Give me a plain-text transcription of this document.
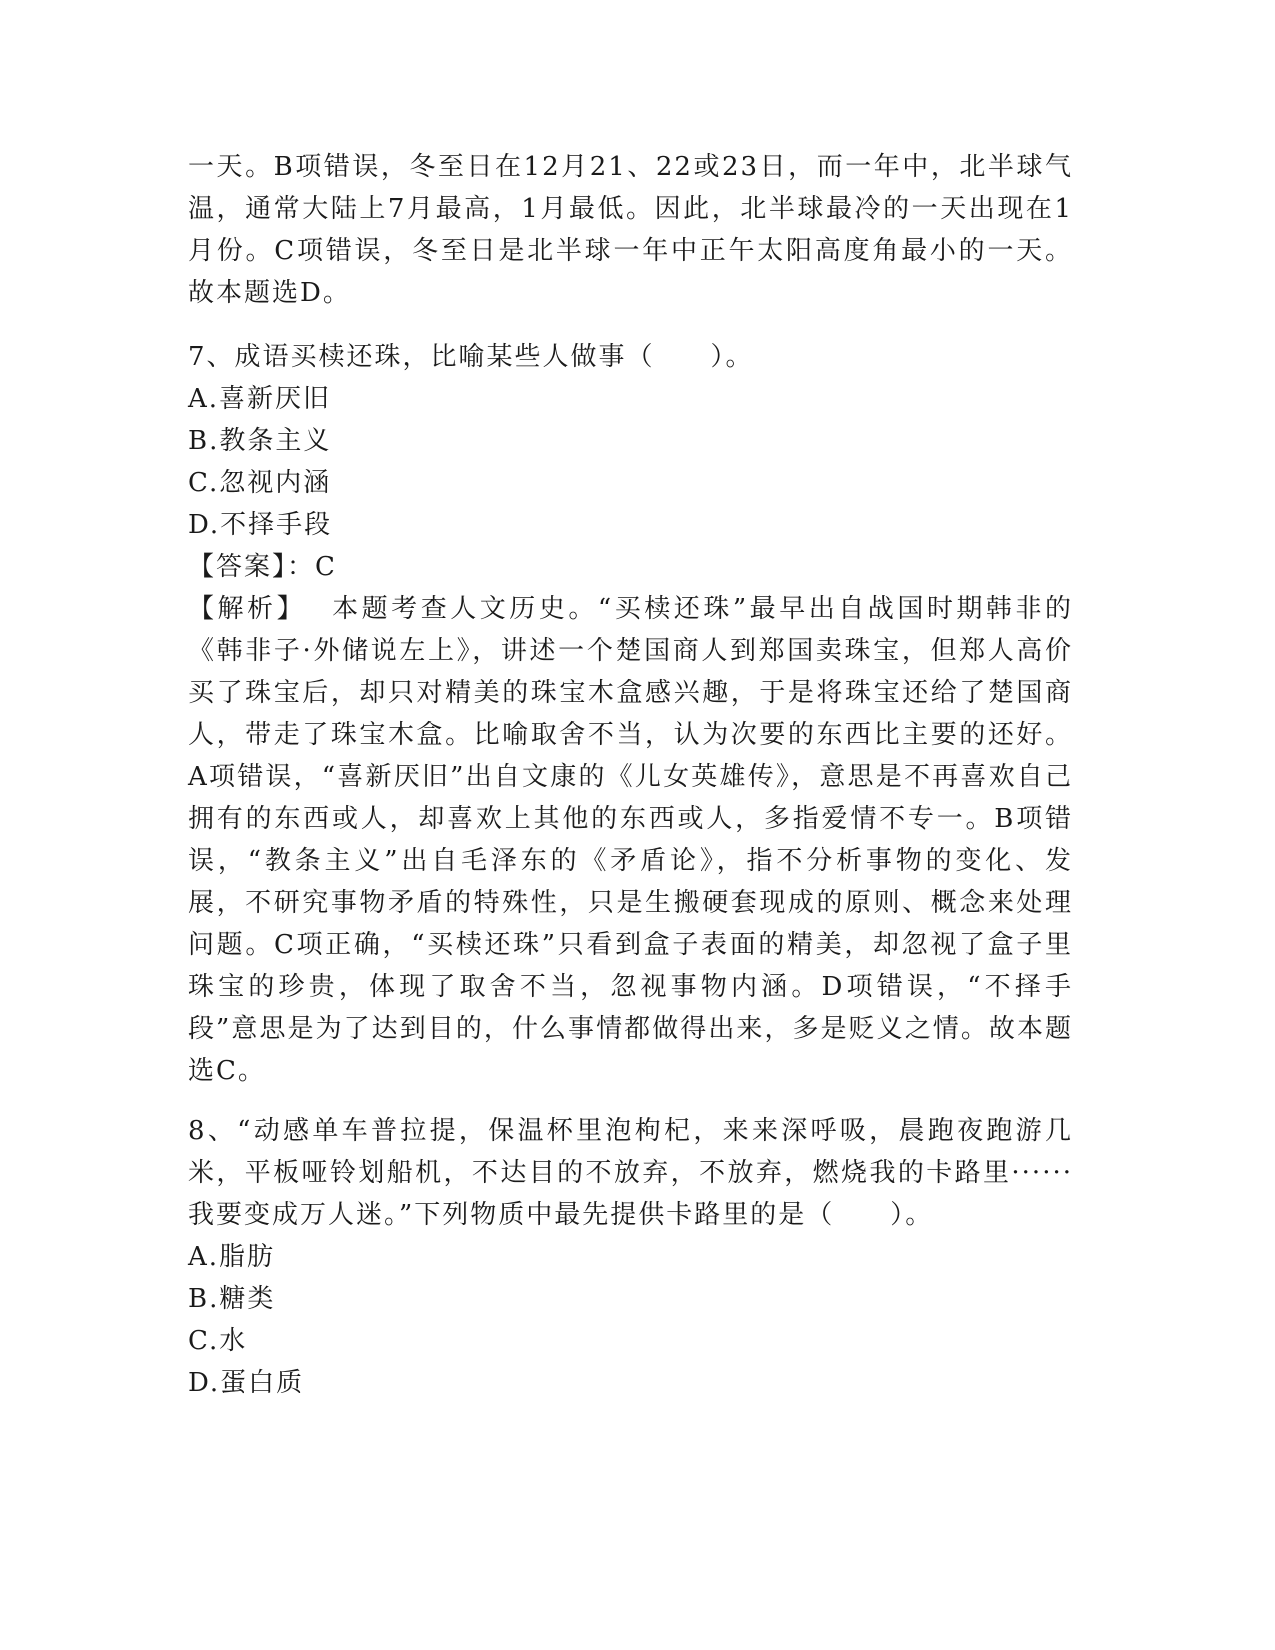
一天。B项错误，冬至日在12月21、22或23日，而一年中，北半球气温，通常大陆上7月最高，1月最低。因此，北半球最冷的一天出现在1月份。C项错误，冬至日是北半球一年中正午太阳高度角最小的一天。故本题选D。

7、成语买椟还珠，比喻某些人做事（　　）。

A.喜新厌旧

B.教条主义

C.忽视内涵

D.不择手段

【答案】：C

【解析】 本题考查人文历史。“买椟还珠”最早出自战国时期韩非的《韩非子·外储说左上》，讲述一个楚国商人到郑国卖珠宝，但郑人高价买了珠宝后，却只对精美的珠宝木盒感兴趣，于是将珠宝还给了楚国商人，带走了珠宝木盒。比喻取舍不当，认为次要的东西比主要的还好。A项错误，“喜新厌旧”出自文康的《儿女英雄传》，意思是不再喜欢自己拥有的东西或人，却喜欢上其他的东西或人，多指爱情不专一。B项错误，“教条主义”出自毛泽东的《矛盾论》，指不分析事物的变化、发展，不研究事物矛盾的特殊性，只是生搬硬套现成的原则、概念来处理问题。C项正确，“买椟还珠”只看到盒子表面的精美，却忽视了盒子里珠宝的珍贵，体现了取舍不当，忽视事物内涵。D项错误，“不择手段”意思是为了达到目的，什么事情都做得出来，多是贬义之情。故本题选C。

8、“动感单车普拉提，保温杯里泡枸杞，来来深呼吸，晨跑夜跑游几米，平板哑铃划船机，不达目的不放弃，不放弃，燃烧我的卡路里······我要变成万人迷。”下列物质中最先提供卡路里的是（　　）。

A.脂肪

B.糖类

C.水

D.蛋白质
